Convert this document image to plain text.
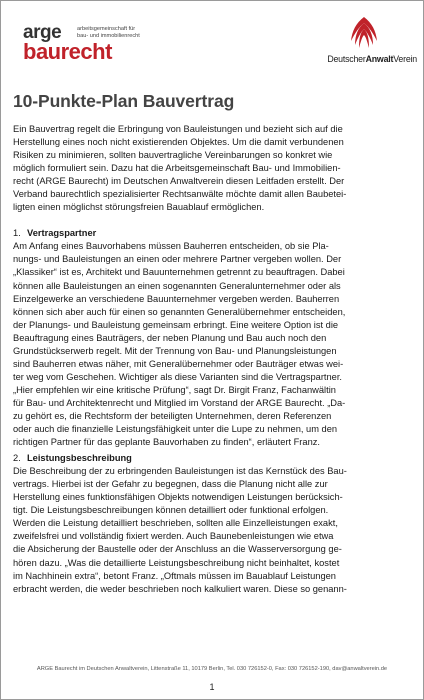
arge	arbeitsgemeinschaft für
bau- und immobilienrecht
baurecht	DeutscherAnwaltVerein
10-Punkte-Plan Bauvertrag

Ein Bauvertrag regelt die Erbringung von Bauleistungen und bezieht sich auf die
Herstellung eines noch nicht existierenden Objektes. Um die damit verbundenen
Risiken zu minimieren, sollten bauvertragliche Vereinbarungen so konkret wie
möglich formuliert sein. Dazu hat die Arbeitsgemeinschaft Bau- und Immobilien-
recht (ARGE Baurecht) im Deutschen Anwaltverein diesen Leitfaden erstellt. Der
Verband baurechtlich spezialisierter Rechtsanwälte möchte damit allen Baubetei-
ligten einen möglichst störungsfreien Bauablauf ermöglichen.

1. Vertragspartner

Am Anfang eines Bauvorhabens müssen Bauherren entscheiden, ob sie Pla-
nungs- und Bauleistungen an einen oder mehrere Partner vergeben wollen. Der
„Klassiker“ ist es, Architekt und Bauunternehmen getrennt zu beauftragen. Dabei
können alle Bauleistungen an einen sogenannten Generalunternehmer oder als
Einzelgewerke an verschiedene Bauunternehmer vergeben werden. Bauherren
können sich aber auch für einen so genannten Generalübernehmer entscheiden,
der Planungs- und Bauleistung gemeinsam erbringt. Eine weitere Option ist die
Beauftragung eines Bauträgers, der neben Planung und Bau auch noch den
Grundstückserwerb regelt. Mit der Trennung von Bau- und Planungsleistungen
sind Bauherren etwas näher, mit Generalübernehmer oder Bauträger etwas wei-
ter weg vom Geschehen. Wichtiger als diese Varianten sind die Vertragspartner.
„Hier empfehlen wir eine kritische Prüfung“, sagt Dr. Birgit Franz, Fachanwältin
für Bau- und Architektenrecht und Mitglied im Vorstand der ARGE Baurecht. „Da-
zu gehört es, die Rechtsform der beteiligten Unternehmen, deren Referenzen
oder auch die finanzielle Leistungsfähigkeit unter die Lupe zu nehmen, um den
richtigen Partner für das geplante Bauvorhaben zu finden“, erläutert Franz.

2. Leistungsbeschreibung

Die Beschreibung der zu erbringenden Bauleistungen ist das Kernstück des Bau-
vertrags. Hierbei ist der Gefahr zu begegnen, dass die Planung nicht alle zur
Herstellung eines funktionsfähigen Objekts notwendigen Leistungen berücksich-
tigt. Die Leistungsbeschreibungen können detailliert oder funktional erfolgen.
Werden die Leistung detailliert beschrieben, sollten alle Einzelleistungen exakt,
zweifelsfrei und vollständig fixiert werden. Auch Baunebenleistungen wie etwa
die Absicherung der Baustelle oder der Anschluss an die Wasserversorgung ge-
hören dazu. „Was die detaillierte Leistungsbeschreibung nicht beinhaltet, kostet
im Nachhinein extra“, betont Franz. „Oftmals müssen im Bauablauf Leistungen
erbracht werden, die weder beschrieben noch kalkuliert waren. Diese so genann-

ARGE Baurecht im Deutschen Anwaltverein, Littenstraße 11, 10179 Berlin, Tel. 030 726152-0, Fax: 030 726152-190, dav@anwaltverein.de
1
